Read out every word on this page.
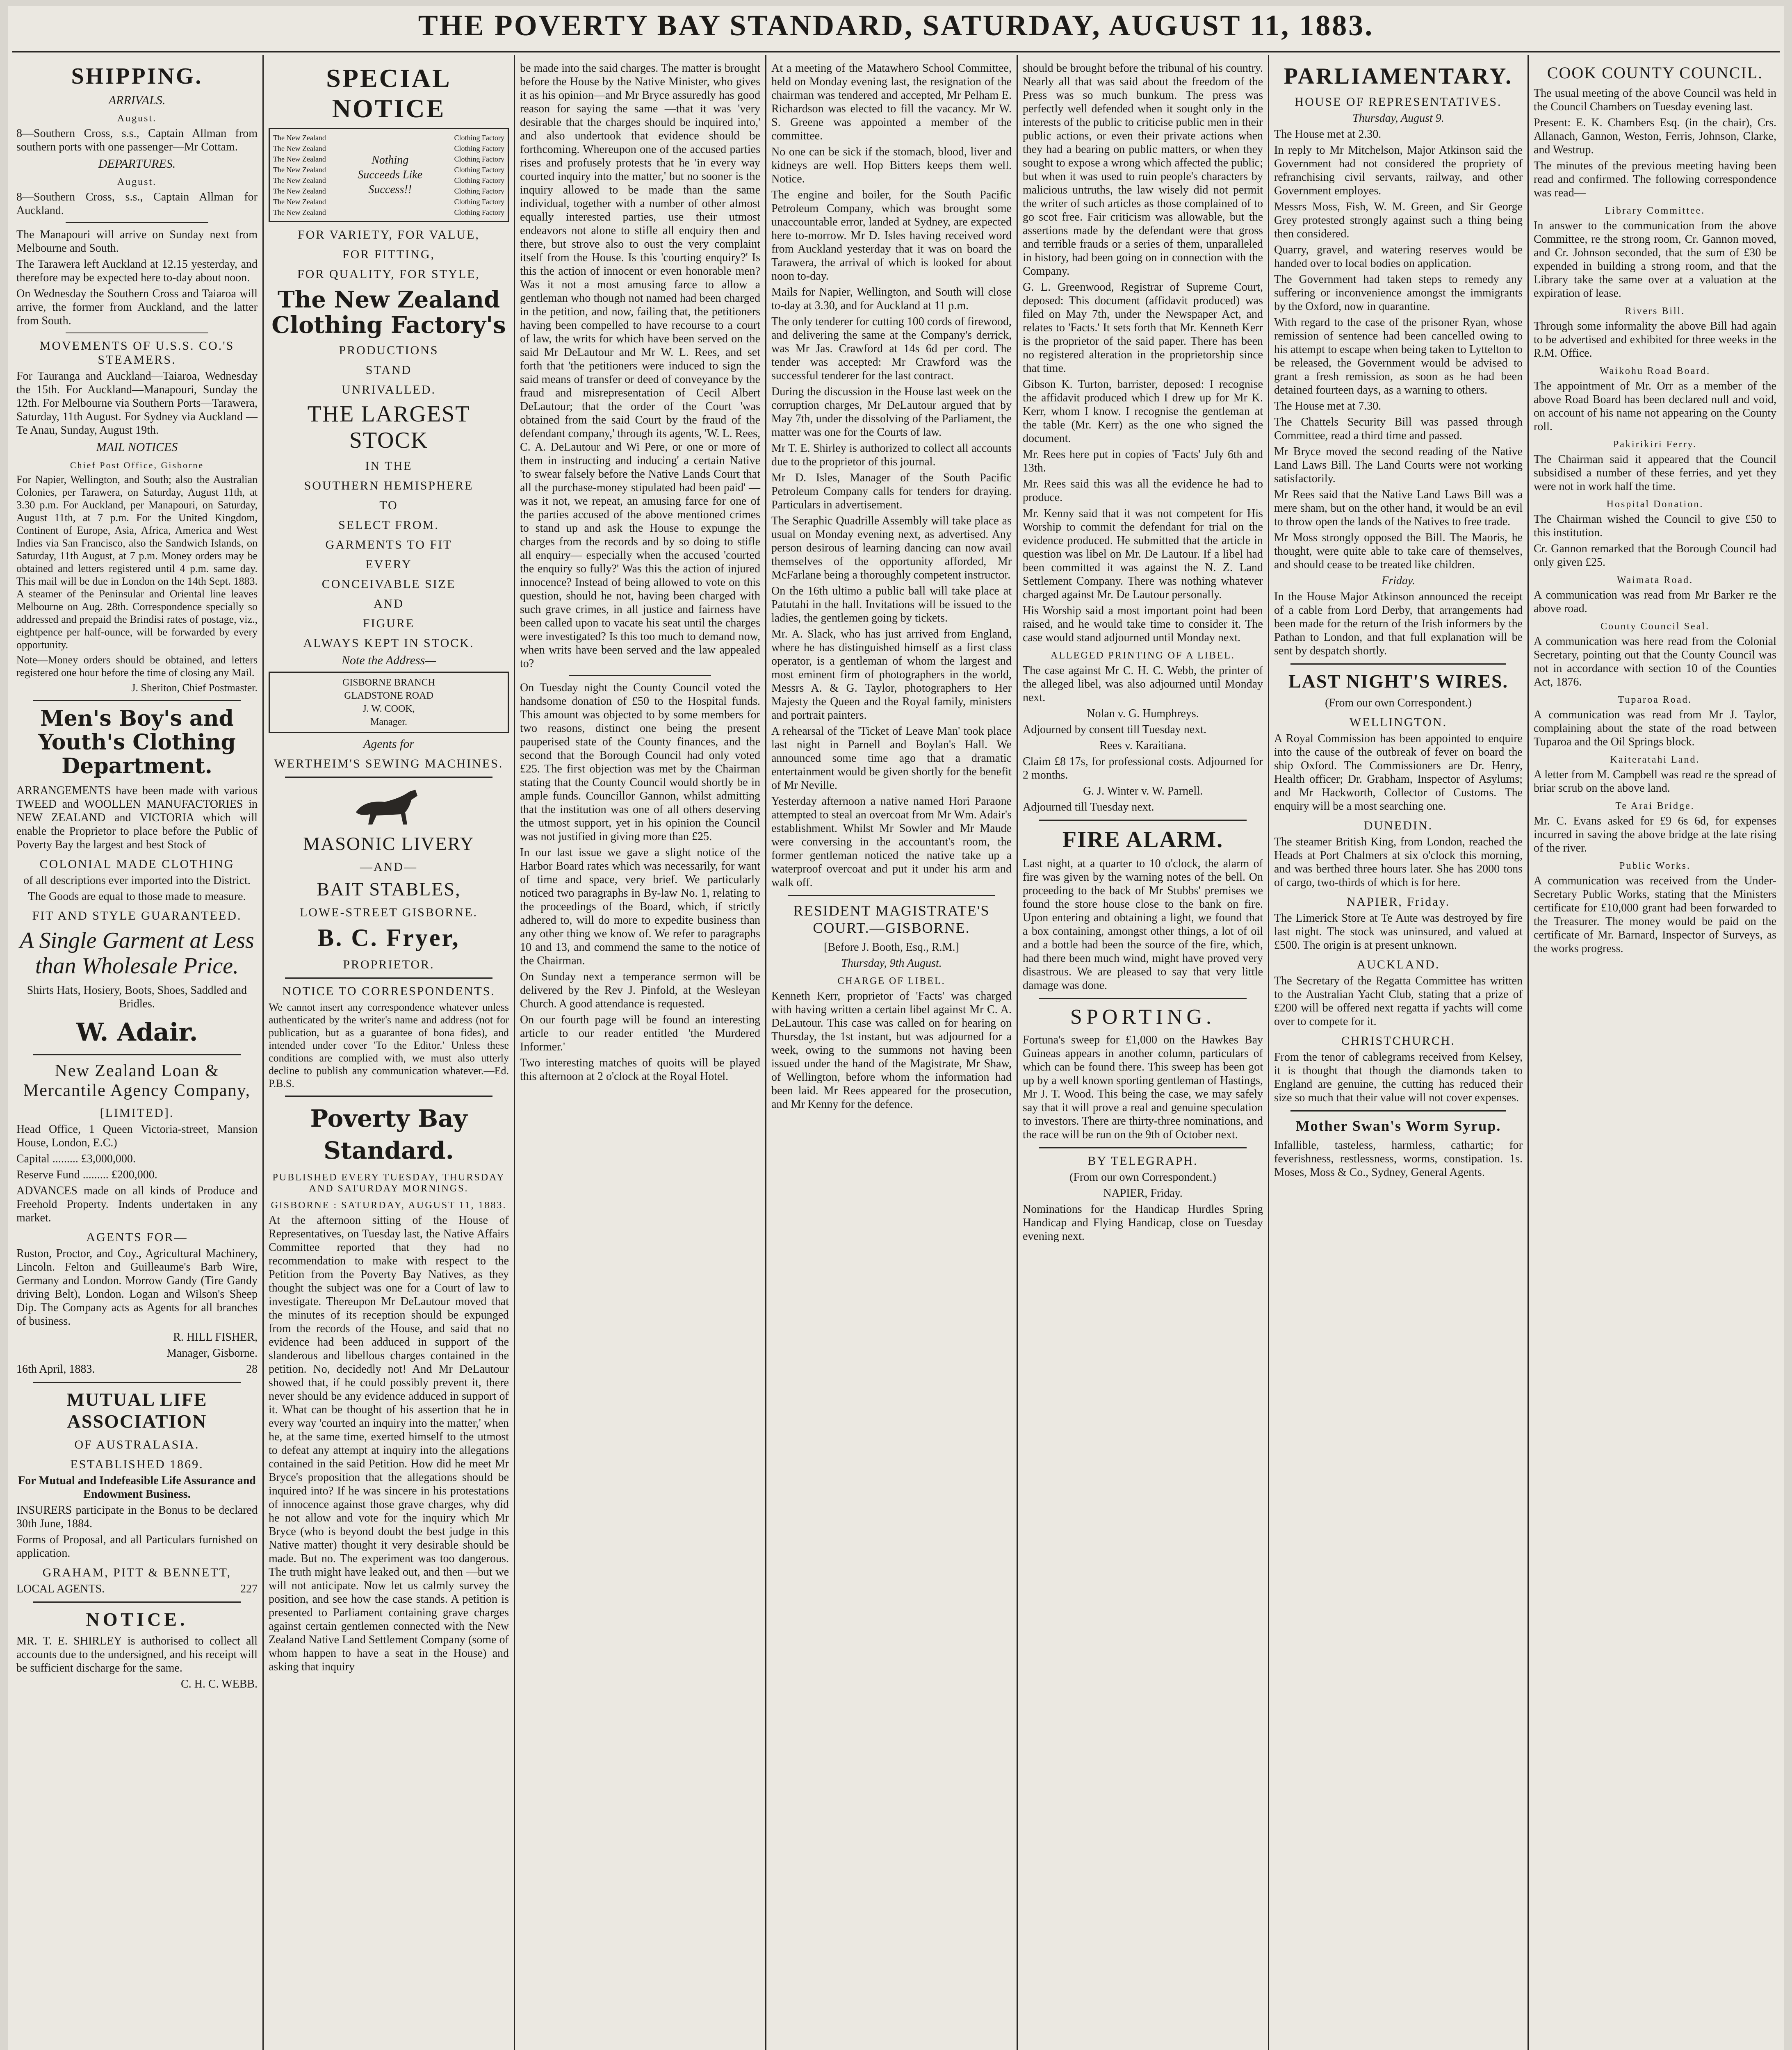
THE POVERTY BAY STANDARD, SATURDAY, AUGUST 11, 1883.
SHIPPING.
ARRIVALS.
August.
8—Southern Cross, s.s., Captain Allman from southern ports with one passenger—Mr Cottam.
DEPARTURES.
August.
8—Southern Cross, s.s., Captain Allman for Auckland.
The Manapouri will arrive on Sunday next from Melbourne and South.
The Tarawera left Auckland at 12.15 yesterday, and therefore may be expected here to-day about noon.
On Wednesday the Southern Cross and Taiaroa will arrive, the former from Auckland, and the latter from South.
MOVEMENTS OF U.S.S. CO.'S STEAMERS.
For Tauranga and Auckland—Taiaroa, Wednesday the 15th. For Auckland—Manapouri, Sunday the 12th. For Melbourne via Southern Ports—Tarawera, Saturday, 11th August. For Sydney via Auckland — Te Anau, Sunday, August 19th.
MAIL NOTICES
Chief Post Office, Gisborne
For Napier, Wellington, and South; also the Australian Colonies, per Tarawera, on Saturday, August 11th, at 3.30 p.m. For Auckland, per Manapouri, on Saturday, August 11th, at 7 p.m. For the United Kingdom, Continent of Europe, Asia, Africa, America and West Indies via San Francisco, also the Sandwich Islands, on Saturday, 11th August, at 7 p.m. Money orders may be obtained and letters registered until 4 p.m. same day. This mail will be due in London on the 14th Sept. 1883. A steamer of the Peninsular and Oriental line leaves Melbourne on Aug. 28th. Correspondence specially so addressed and prepaid the Brindisi rates of postage, viz., eightpence per half-ounce, will be forwarded by every opportunity.
Note—Money orders should be obtained, and letters registered one hour before the time of closing any Mail.
J. Sheriton, Chief Postmaster.
Men's Boy's and Youth's Clothing Department.
ARRANGEMENTS have been made with various TWEED and WOOLLEN MANUFACTORIES in NEW ZEALAND and VICTORIA which will enable the Proprietor to place before the Public of Poverty Bay the largest and best Stock of
COLONIAL MADE CLOTHING
of all descriptions ever imported into the District.
The Goods are equal to those made to measure.
FIT AND STYLE GUARANTEED.
A Single Garment at Less than Wholesale Price.
Shirts Hats, Hosiery, Boots, Shoes, Saddled and Bridles.
W. Adair.
New Zealand Loan & Mercantile Agency Company,
[LIMITED].
Head Office, 1 Queen Victoria-street, Mansion House, London, E.C.)
Capital ......... £3,000,000.
Reserve Fund ......... £200,000.
ADVANCES made on all kinds of Produce and Freehold Property. Indents undertaken in any market.
AGENTS FOR—
Ruston, Proctor, and Coy., Agricultural Machinery, Lincoln. Felton and Guilleaume's Barb Wire, Germany and London. Morrow Gandy (Tire Gandy driving Belt), London. Logan and Wilson's Sheep Dip. The Company acts as Agents for all branches of business.
R. HILL FISHER,
Manager, Gisborne.
16th April, 1883.	28
MUTUAL LIFE ASSOCIATION
OF AUSTRALASIA.
ESTABLISHED 1869.
For Mutual and Indefeasible Life Assurance and Endowment Business.
INSURERS participate in the Bonus to be declared 30th June, 1884.
Forms of Proposal, and all Particulars furnished on application.
GRAHAM, PITT & BENNETT,
LOCAL AGENTS.	227
NOTICE.
MR. T. E. SHIRLEY is authorised to collect all accounts due to the undersigned, and his receipt will be sufficient discharge for the same.
C. H. C. WEBB.
SPECIAL NOTICE
The New Zealand
The New Zealand
The New Zealand
The New Zealand
The New Zealand
The New Zealand
The New Zealand
The New Zealand
Nothing Succeeds Like Success!!
Clothing Factory
Clothing Factory
Clothing Factory
Clothing Factory
Clothing Factory
Clothing Factory
Clothing Factory
Clothing Factory
FOR VARIETY, FOR VALUE,
FOR FITTING,
FOR QUALITY, FOR STYLE,
The New Zealand Clothing Factory's
PRODUCTIONS
STAND
UNRIVALLED.
THE LARGEST STOCK
IN THE
SOUTHERN HEMISPHERE
TO
SELECT FROM.
GARMENTS TO FIT
EVERY
CONCEIVABLE SIZE
AND
FIGURE
ALWAYS KEPT IN STOCK.
Note the Address—
GISBORNE BRANCH
GLADSTONE ROAD
J. W. COOK,
Manager.
Agents for
WERTHEIM'S SEWING MACHINES.
MASONIC LIVERY
—AND—
BAIT STABLES,
LOWE-STREET GISBORNE.
B. C. Fryer,
PROPRIETOR.
NOTICE TO CORRESPONDENTS.
We cannot insert any correspondence whatever unless authenticated by the writer's name and address (not for publication, but as a guarantee of bona fides), and intended under cover 'To the Editor.' Unless these conditions are complied with, we must also utterly decline to publish any communication whatever.—Ed. P.B.S.
Poverty Bay Standard.
PUBLISHED EVERY TUESDAY, THURSDAY AND SATURDAY MORNINGS.
GISBORNE : SATURDAY, AUGUST 11, 1883.
At the afternoon sitting of the House of Representatives, on Tuesday last, the Native Affairs Committee reported that they had no recommendation to make with respect to the Petition from the Poverty Bay Natives, as they thought the subject was one for a Court of law to investigate. Thereupon Mr DeLautour moved that the minutes of its reception should be expunged from the records of the House, and said that no evidence had been adduced in support of the slanderous and libellous charges contained in the petition. No, decidedly not! And Mr DeLautour showed that, if he could possibly prevent it, there never should be any evidence adduced in support of it. What can be thought of his assertion that he in every way 'courted an inquiry into the matter,' when he, at the same time, exerted himself to the utmost to defeat any attempt at inquiry into the allegations contained in the said Petition. How did he meet Mr Bryce's proposition that the allegations should be inquired into? If he was sincere in his protestations of innocence against those grave charges, why did he not allow and vote for the inquiry which Mr Bryce (who is beyond doubt the best judge in this Native matter) thought it very desirable should be made. But no. The experiment was too dangerous. The truth might have leaked out, and then —but we will not anticipate. Now let us calmly survey the position, and see how the case stands. A petition is presented to Parliament containing grave charges against certain gentlemen connected with the New Zealand Native Land Settlement Company (some of whom happen to have a seat in the House) and asking that inquiry
be made into the said charges. The matter is brought before the House by the Native Minister, who gives it as his opinion—and Mr Bryce assuredly has good reason for saying the same —that it was 'very desirable that the charges should be inquired into,' and also undertook that evidence should be forthcoming. Whereupon one of the accused parties rises and profusely protests that he 'in every way courted inquiry into the matter,' but no sooner is the inquiry allowed to be made than the same individual, together with a number of other almost equally interested parties, use their utmost endeavors not alone to stifle all enquiry then and there, but strove also to oust the very complaint itself from the House. Is this 'courting enquiry?' Is this the action of innocent or even honorable men? Was it not a most amusing farce to allow a gentleman who though not named had been charged in the petition, and now, failing that, the petitioners having been compelled to have recourse to a court of law, the writs for which have been served on the said Mr DeLautour and Mr W. L. Rees, and set forth that 'the petitioners were induced to sign the said means of transfer or deed of conveyance by the fraud and misrepresentation of Cecil Albert DeLautour; that the order of the Court 'was obtained from the said Court by the fraud of the defendant company,' through its agents, 'W. L. Rees, C. A. DeLautour and Wi Pere, or one or more of them in instructing and inducing' a certain Native 'to swear falsely before the Native Lands Court that all the purchase-money stipulated had been paid' —was it not, we repeat, an amusing farce for one of the parties accused of the above mentioned crimes to stand up and ask the House to expunge the charges from the records and by so doing to stifle all enquiry— especially when the accused 'courted the enquiry so fully?' Was this the action of injured innocence? Instead of being allowed to vote on this question, should he not, having been charged with such grave crimes, in all justice and fairness have been called upon to vacate his seat until the charges were investigated? Is this too much to demand now, when writs have been served and the law appealed to?
On Tuesday night the County Council voted the handsome donation of £50 to the Hospital funds. This amount was objected to by some members for two reasons, distinct one being the present pauperised state of the County finances, and the second that the Borough Council had only voted £25. The first objection was met by the Chairman stating that the County Council would shortly be in ample funds. Councillor Gannon, whilst admitting that the institution was one of all others deserving the utmost support, yet in his opinion the Council was not justified in giving more than £25.
In our last issue we gave a slight notice of the Harbor Board rates which was necessarily, for want of time and space, very brief. We particularly noticed two paragraphs in By-law No. 1, relating to the proceedings of the Board, which, if strictly adhered to, will do more to expedite business than any other thing we know of. We refer to paragraphs 10 and 13, and commend the same to the notice of the Chairman.
On Sunday next a temperance sermon will be delivered by the Rev J. Pinfold, at the Wesleyan Church. A good attendance is requested.
On our fourth page will be found an interesting article to our reader entitled 'the Murdered Informer.'
Two interesting matches of quoits will be played this afternoon at 2 o'clock at the Royal Hotel.
At a meeting of the Matawhero School Committee, held on Monday evening last, the resignation of the chairman was tendered and accepted, Mr Pelham E. Richardson was elected to fill the vacancy. Mr W. S. Greene was appointed a member of the committee.
No one can be sick if the stomach, blood, liver and kidneys are well. Hop Bitters keeps them well. Notice.
The engine and boiler, for the South Pacific Petroleum Company, which was brought some unaccountable error, landed at Sydney, are expected here to-morrow. Mr D. Isles having received word from Auckland yesterday that it was on board the Tarawera, the arrival of which is looked for about noon to-day.
Mails for Napier, Wellington, and South will close to-day at 3.30, and for Auckland at 11 p.m.
The only tenderer for cutting 100 cords of firewood, and delivering the same at the Company's derrick, was Mr Jas. Crawford at 14s 6d per cord. The tender was accepted: Mr Crawford was the successful tenderer for the last contract.
During the discussion in the House last week on the corruption charges, Mr DeLautour argued that by May 7th, under the dissolving of the Parliament, the matter was one for the Courts of law.
Mr T. E. Shirley is authorized to collect all accounts due to the proprietor of this journal.
Mr D. Isles, Manager of the South Pacific Petroleum Company calls for tenders for draying. Particulars in advertisement.
The Seraphic Quadrille Assembly will take place as usual on Monday evening next, as advertised. Any person desirous of learning dancing can now avail themselves of the opportunity afforded, Mr McFarlane being a thoroughly competent instructor.
On the 16th ultimo a public ball will take place at Patutahi in the hall. Invitations will be issued to the ladies, the gentlemen going by tickets.
Mr. A. Slack, who has just arrived from England, where he has distinguished himself as a first class operator, is a gentleman of whom the largest and most eminent firm of photographers in the world, Messrs A. & G. Taylor, photographers to Her Majesty the Queen and the Royal family, ministers and portrait painters.
A rehearsal of the 'Ticket of Leave Man' took place last night in Parnell and Boylan's Hall. We announced some time ago that a dramatic entertainment would be given shortly for the benefit of Mr Neville.
Yesterday afternoon a native named Hori Paraone attempted to steal an overcoat from Mr Wm. Adair's establishment. Whilst Mr Sowler and Mr Maude were conversing in the accountant's room, the former gentleman noticed the native take up a waterproof overcoat and put it under his arm and walk off.
RESIDENT MAGISTRATE'S COURT.—GISBORNE.
[Before J. Booth, Esq., R.M.]
Thursday, 9th August.
CHARGE OF LIBEL.
Kenneth Kerr, proprietor of 'Facts' was charged with having written a certain libel against Mr C. A. DeLautour. This case was called on for hearing on Thursday, the 1st instant, but was adjourned for a week, owing to the summons not having been issued under the hand of the Magistrate, Mr Shaw, of Wellington, before whom the information had been laid. Mr Rees appeared for the prosecution, and Mr Kenny for the defence.
should be brought before the tribunal of his country. Nearly all that was said about the freedom of the Press was so much bunkum. The press was perfectly well defended when it sought only in the interests of the public to criticise public men in their public actions, or even their private actions when they had a bearing on public matters, or when they sought to expose a wrong which affected the public; but when it was used to ruin people's characters by malicious untruths, the law wisely did not permit the writer of such articles as those complained of to go scot free. Fair criticism was allowable, but the assertions made by the defendant were that gross and terrible frauds or a series of them, unparalleled in history, had been going on in connection with the Company.
G. L. Greenwood, Registrar of Supreme Court, deposed: This document (affidavit produced) was filed on May 7th, under the Newspaper Act, and relates to 'Facts.' It sets forth that Mr. Kenneth Kerr is the proprietor of the said paper. There has been no registered alteration in the proprietorship since that time.
Gibson K. Turton, barrister, deposed: I recognise the affidavit produced which I drew up for Mr K. Kerr, whom I know. I recognise the gentleman at the table (Mr. Kerr) as the one who signed the document.
Mr. Rees here put in copies of 'Facts' July 6th and 13th.
Mr. Rees said this was all the evidence he had to produce.
Mr. Kenny said that it was not competent for His Worship to commit the defendant for trial on the evidence produced. He submitted that the article in question was libel on Mr. De Lautour. If a libel had been committed it was against the N. Z. Land Settlement Company. There was nothing whatever charged against Mr. De Lautour personally.
His Worship said a most important point had been raised, and he would take time to consider it. The case would stand adjourned until Monday next.
ALLEGED PRINTING OF A LIBEL.
The case against Mr C. H. C. Webb, the printer of the alleged libel, was also adjourned until Monday next.
Nolan v. G. Humphreys.
Adjourned by consent till Tuesday next.
Rees v. Karaitiana.
Claim £8 17s, for professional costs. Adjourned for 2 months.
G. J. Winter v. W. Parnell.
Adjourned till Tuesday next.
FIRE ALARM.
Last night, at a quarter to 10 o'clock, the alarm of fire was given by the warning notes of the bell. On proceeding to the back of Mr Stubbs' premises we found the store house close to the bank on fire. Upon entering and obtaining a light, we found that a box containing, amongst other things, a lot of oil and a bottle had been the source of the fire, which, had there been much wind, might have proved very disastrous. We are pleased to say that very little damage was done.
SPORTING.
Fortuna's sweep for £1,000 on the Hawkes Bay Guineas appears in another column, particulars of which can be found there. This sweep has been got up by a well known sporting gentleman of Hastings, Mr J. T. Wood. This being the case, we may safely say that it will prove a real and genuine speculation to investors. There are thirty-three nominations, and the race will be run on the 9th of October next.
BY TELEGRAPH.
(From our own Correspondent.)
NAPIER, Friday.
Nominations for the Handicap Hurdles Spring Handicap and Flying Handicap, close on Tuesday evening next.
PARLIAMENTARY.
HOUSE OF REPRESENTATIVES.
Thursday, August 9.
The House met at 2.30.
In reply to Mr Mitchelson, Major Atkinson said the Government had not considered the propriety of refranchising civil servants, railway, and other Government employes.
Messrs Moss, Fish, W. M. Green, and Sir George Grey protested strongly against such a thing being then considered.
Quarry, gravel, and watering reserves would be handed over to local bodies on application.
The Government had taken steps to remedy any suffering or inconvenience amongst the immigrants by the Oxford, now in quarantine.
With regard to the case of the prisoner Ryan, whose remission of sentence had been cancelled owing to his attempt to escape when being taken to Lyttelton to be released, the Government would be advised to grant a fresh remission, as soon as he had been detained fourteen days, as a warning to others.
The House met at 7.30.
The Chattels Security Bill was passed through Committee, read a third time and passed.
Mr Bryce moved the second reading of the Native Land Laws Bill. The Land Courts were not working satisfactorily.
Mr Rees said that the Native Land Laws Bill was a mere sham, but on the other hand, it would be an evil to throw open the lands of the Natives to free trade.
Mr Moss strongly opposed the Bill. The Maoris, he thought, were quite able to take care of themselves, and should cease to be treated like children.
Friday.
In the House Major Atkinson announced the receipt of a cable from Lord Derby, that arrangements had been made for the return of the Irish informers by the Pathan to London, and that full explanation will be sent by despatch shortly.
LAST NIGHT'S WIRES.
(From our own Correspondent.)
WELLINGTON.
A Royal Commission has been appointed to enquire into the cause of the outbreak of fever on board the ship Oxford. The Commissioners are Dr. Henry, Health officer; Dr. Grabham, Inspector of Asylums; and Mr Hackworth, Collector of Customs. The enquiry will be a most searching one.
DUNEDIN.
The steamer British King, from London, reached the Heads at Port Chalmers at six o'clock this morning, and was berthed three hours later. She has 2000 tons of cargo, two-thirds of which is for here.
NAPIER, Friday.
The Limerick Store at Te Aute was destroyed by fire last night. The stock was uninsured, and valued at £500. The origin is at present unknown.
AUCKLAND.
The Secretary of the Regatta Committee has written to the Australian Yacht Club, stating that a prize of £200 will be offered next regatta if yachts will come over to compete for it.
CHRISTCHURCH.
From the tenor of cablegrams received from Kelsey, it is thought that though the diamonds taken to England are genuine, the cutting has reduced their size so much that their value will not cover expenses.
Mother Swan's Worm Syrup.
Infallible, tasteless, harmless, cathartic; for feverishness, restlessness, worms, constipation. 1s. Moses, Moss & Co., Sydney, General Agents.
COOK COUNTY COUNCIL.
The usual meeting of the above Council was held in the Council Chambers on Tuesday evening last.
Present: E. K. Chambers Esq. (in the chair), Crs. Allanach, Gannon, Weston, Ferris, Johnson, Clarke, and Westrup.
The minutes of the previous meeting having been read and confirmed. The following correspondence was read—
Library Committee.
In answer to the communication from the above Committee, re the strong room, Cr. Gannon moved, and Cr. Johnson seconded, that the sum of £30 be expended in building a strong room, and that the Library take the same over at a valuation at the expiration of lease.
Rivers Bill.
Through some informality the above Bill had again to be advertised and exhibited for three weeks in the R.M. Office.
Waikohu Road Board.
The appointment of Mr. Orr as a member of the above Road Board has been declared null and void, on account of his name not appearing on the County roll.
Pakirikiri Ferry.
The Chairman said it appeared that the Council subsidised a number of these ferries, and yet they were not in work half the time.
Hospital Donation.
The Chairman wished the Council to give £50 to this institution.
Cr. Gannon remarked that the Borough Council had only given £25.
Waimata Road.
A communication was read from Mr Barker re the above road.
County Council Seal.
A communication was here read from the Colonial Secretary, pointing out that the County Council was not in accordance with section 10 of the Counties Act, 1876.
Tuparoa Road.
A communication was read from Mr J. Taylor, complaining about the state of the road between Tuparoa and the Oil Springs block.
Kaiteratahi Land.
A letter from M. Campbell was read re the spread of briar scrub on the above land.
Te Arai Bridge.
Mr. C. Evans asked for £9 6s 6d, for expenses incurred in saving the above bridge at the late rising of the river.
Public Works.
A communication was received from the Under-Secretary Public Works, stating that the Ministers certificate for £10,000 grant had been forwarded to the Treasurer. The money would be paid on the certificate of Mr. Barnard, Inspector of Surveys, as the works progress.
